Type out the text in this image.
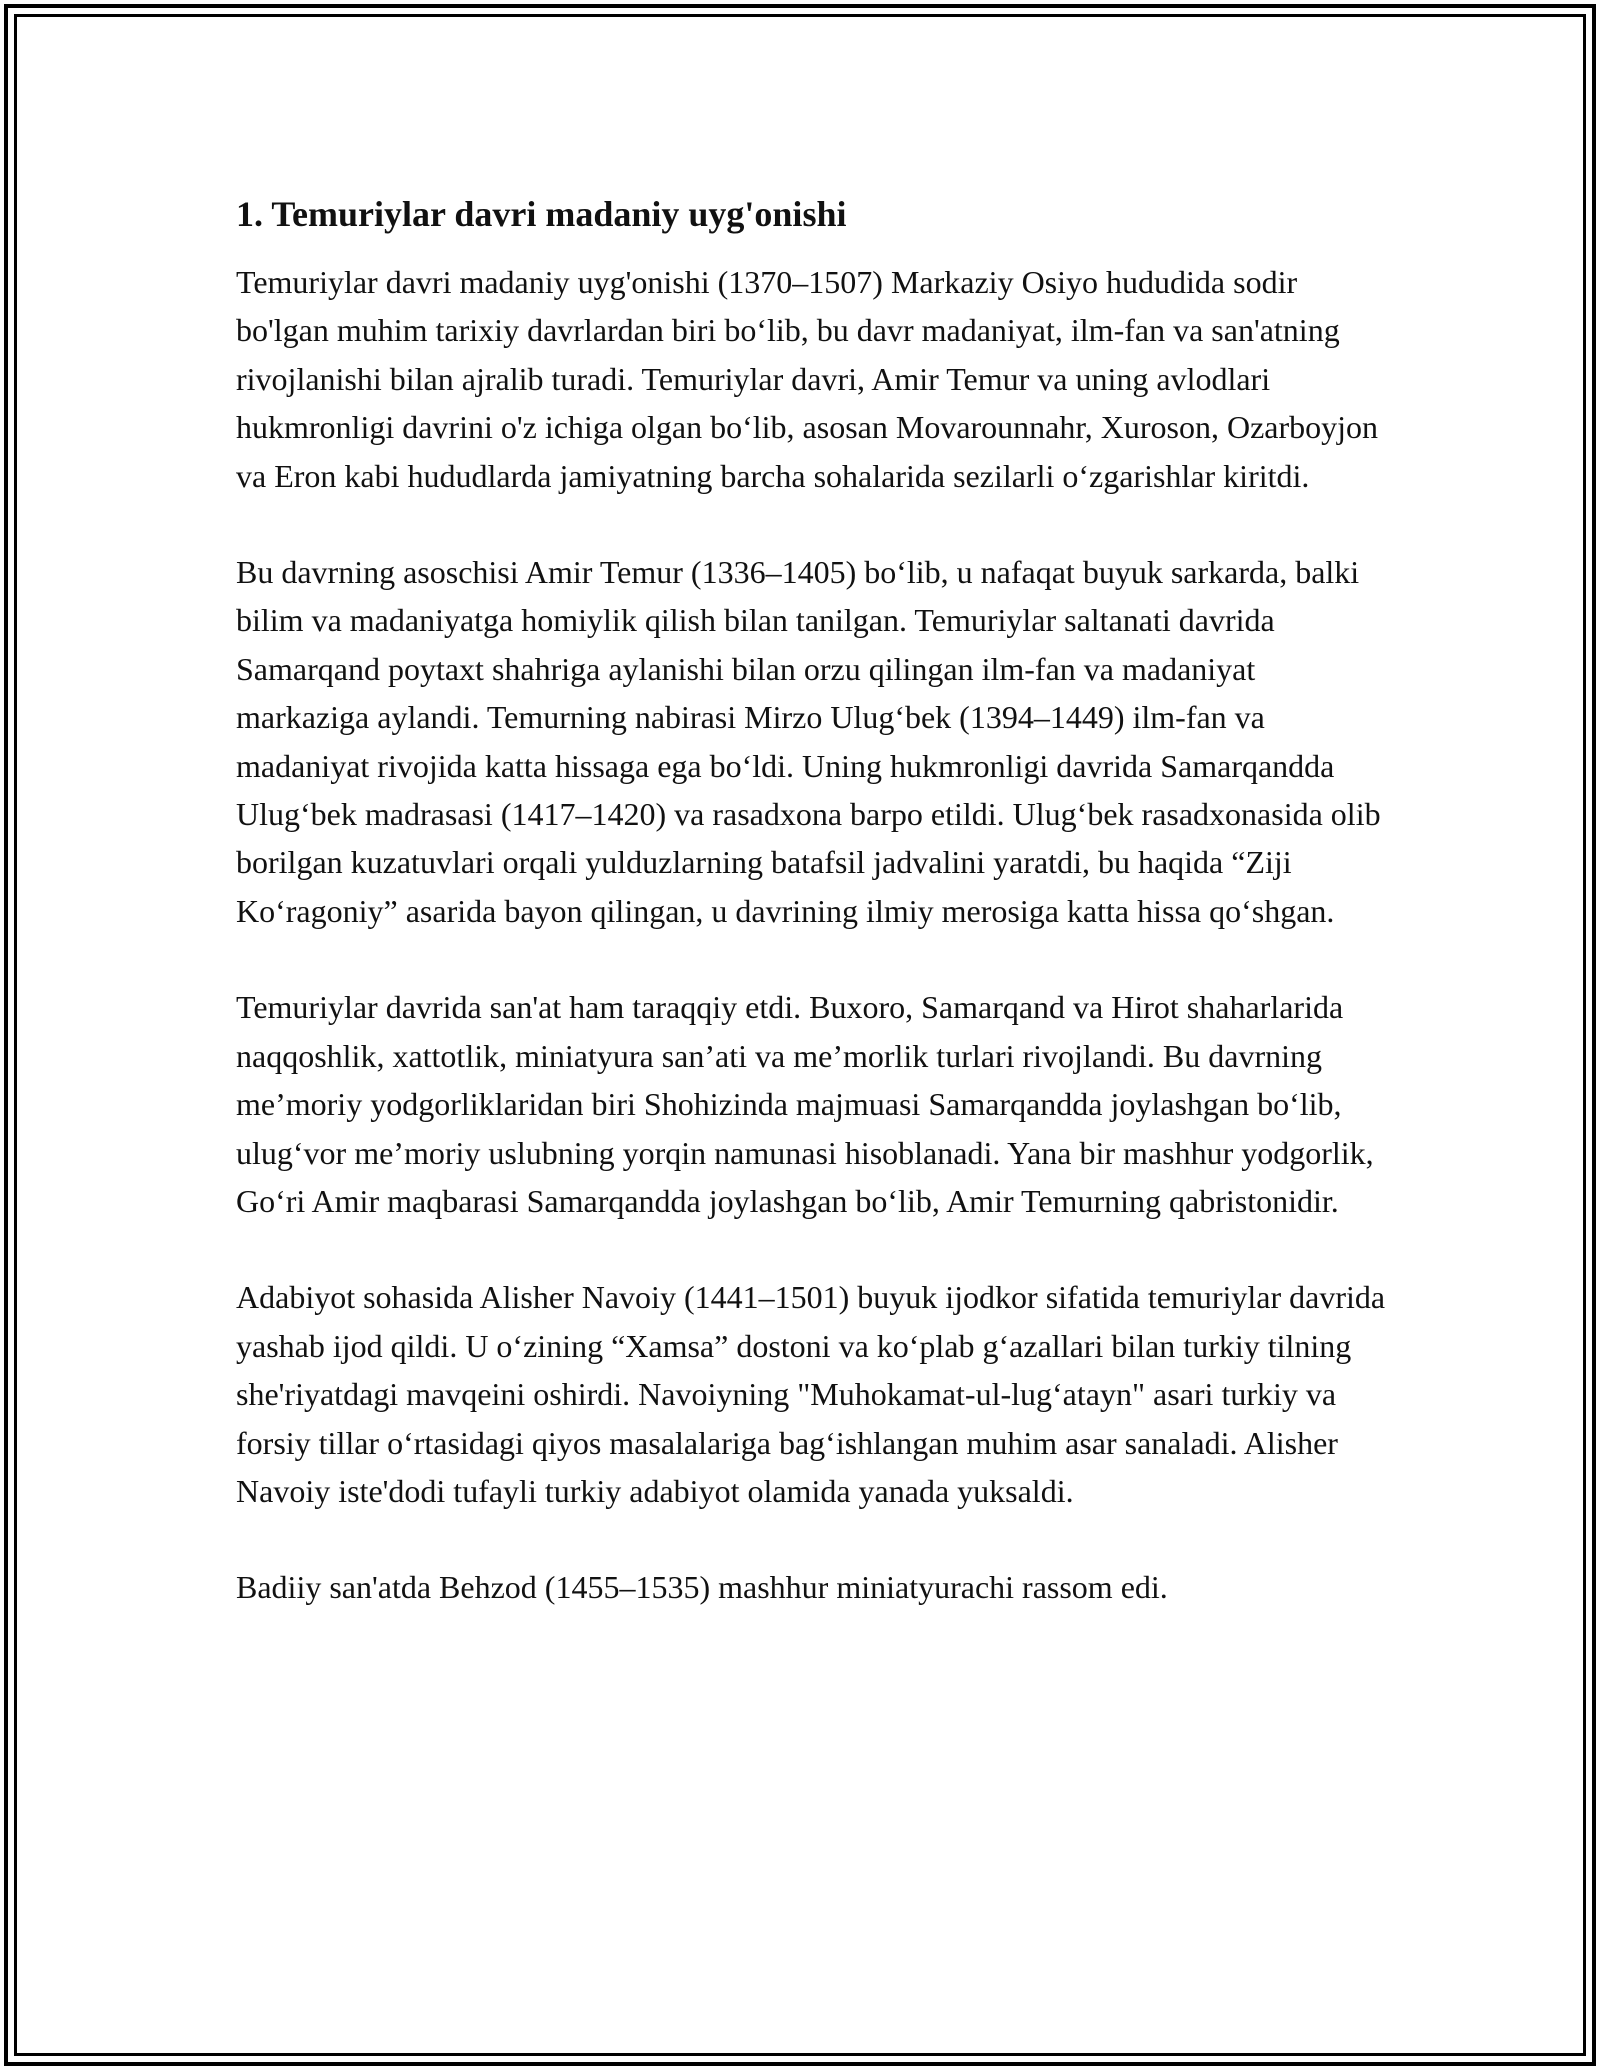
1. Temuriylar davri madaniy uyg'onishi

Temuriylar davri madaniy uyg'onishi (1370–1507) Markaziy Osiyo hududida sodir bo'lgan muhim tarixiy davrlardan biri bo‘lib, bu davr madaniyat, ilm-fan va san'atning rivojlanishi bilan ajralib turadi. Temuriylar davri, Amir Temur va uning avlodlari hukmronligi davrini o'z ichiga olgan bo‘lib, asosan Movarounnahr, Xuroson, Ozarboyjon va Eron kabi hududlarda jamiyatning barcha sohalarida sezilarli o‘zgarishlar kiritdi.

Bu davrning asoschisi Amir Temur (1336–1405) bo‘lib, u nafaqat buyuk sarkarda, balki bilim va madaniyatga homiylik qilish bilan tanilgan. Temuriylar saltanati davrida Samarqand poytaxt shahriga aylanishi bilan orzu qilingan ilm-fan va madaniyat markaziga aylandi. Temurning nabirasi Mirzo Ulug‘bek (1394–1449) ilm-fan va madaniyat rivojida katta hissaga ega bo‘ldi. Uning hukmronligi davrida Samarqandda Ulug‘bek madrasasi (1417–1420) va rasadxona barpo etildi. Ulug‘bek rasadxonasida olib borilgan kuzatuvlari orqali yulduzlarning batafsil jadvalini yaratdi, bu haqida “Ziji Ko‘ragoniy” asarida bayon qilingan, u davrining ilmiy merosiga katta hissa qo‘shgan.

Temuriylar davrida san'at ham taraqqiy etdi. Buxoro, Samarqand va Hirot shaharlarida naqqoshlik, xattotlik, miniatyura san’ati va me’morlik turlari rivojlandi. Bu davrning me’moriy yodgorliklaridan biri Shohizinda majmuasi Samarqandda joylashgan bo‘lib, ulug‘vor me’moriy uslubning yorqin namunasi hisoblanadi. Yana bir mashhur yodgorlik, Go‘ri Amir maqbarasi Samarqandda joylashgan bo‘lib, Amir Temurning qabristonidir.

Adabiyot sohasida Alisher Navoiy (1441–1501) buyuk ijodkor sifatida temuriylar davrida yashab ijod qildi. U o‘zining “Xamsa” dostoni va ko‘plab g‘azallari bilan turkiy tilning she'riyatdagi mavqeini oshirdi. Navoiyning "Muhokamat-ul-lug‘atayn" asari turkiy va forsiy tillar o‘rtasidagi qiyos masalalariga bag‘ishlangan muhim asar sanaladi. Alisher Navoiy iste'dodi tufayli turkiy adabiyot olamida yanada yuksaldi.

Badiiy san'atda Behzod (1455–1535) mashhur miniatyurachi rassom edi.
